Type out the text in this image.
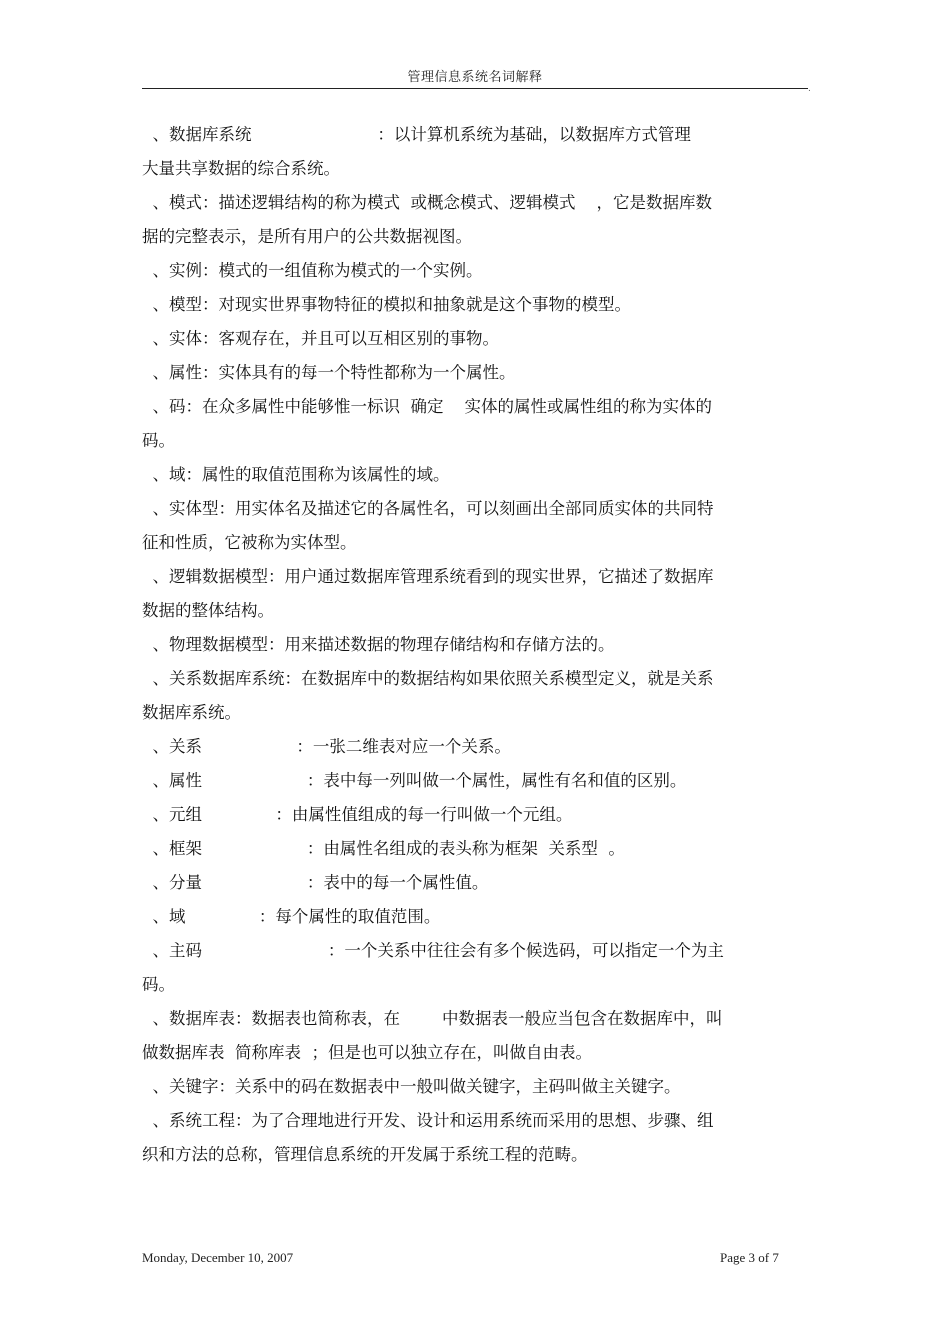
管理信息系统名词解释
.
、数据库系统                        ：以计算机系统为基础，以数据库方式管理
大量共享数据的综合系统。
、模式：描述逻辑结构的称为模式  或概念模式、逻辑模式    ，它是数据库数
据的完整表示，是所有用户的公共数据视图。
、实例：模式的一组值称为模式的一个实例。
、模型：对现实世界事物特征的模拟和抽象就是这个事物的模型。
、实体：客观存在，并且可以互相区别的事物。
、属性：实体具有的每一个特性都称为一个属性。
、码：在众多属性中能够惟一标识  确定    实体的属性或属性组的称为实体的
码。
、域：属性的取值范围称为该属性的域。
、实体型：用实体名及描述它的各属性名，可以刻画出全部同质实体的共同特
征和性质，它被称为实体型。
、逻辑数据模型：用户通过数据库管理系统看到的现实世界，它描述了数据库
数据的整体结构。
、物理数据模型：用来描述数据的物理存储结构和存储方法的。
、关系数据库系统：在数据库中的数据结构如果依照关系模型定义，就是关系
数据库系统。
、关系                  ：一张二维表对应一个关系。
、属性                    ：表中每一列叫做一个属性，属性有名和值的区别。
、元组              ：由属性值组成的每一行叫做一个元组。
、框架                    ：由属性名组成的表头称为框架  关系型  。
、分量                    ：表中的每一个属性值。
、域              ：每个属性的取值范围。
、主码                        ：一个关系中往往会有多个候选码，可以指定一个为主
码。
、数据库表：数据表也简称表，在        中数据表一般应当包含在数据库中，叫
做数据库表  简称库表  ；但是也可以独立存在，叫做自由表。
、关键字：关系中的码在数据表中一般叫做关键字，主码叫做主关键字。
、系统工程：为了合理地进行开发、设计和运用系统而采用的思想、步骤、组
织和方法的总称，管理信息系统的开发属于系统工程的范畴。
Monday, December 10, 2007	Page 3 of 7
